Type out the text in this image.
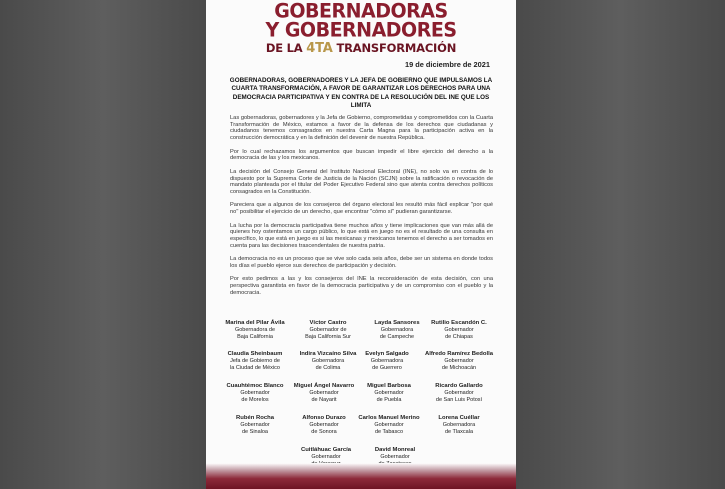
GOBERNADORAS
Y GOBERNADORES
DE LA 4TA TRANSFORMACIÓN
19 de diciembre de 2021
GOBERNADORAS, GOBERNADORES Y LA JEFA DE GOBIERNO QUE IMPULSAMOS LA CUARTA TRANSFORMACIÓN, A FAVOR DE GARANTIZAR LOS DERECHOS PARA UNA DEMOCRACIA PARTICIPATIVA Y EN CONTRA DE LA RESOLUCIÓN DEL INE QUE LOS LIMITA

Las gobernadoras, gobernadores y la Jefa de Gobierno, comprometidas y comprometidos con la Cuarta Transformación de México, estamos a favor de la defensa de los derechos que ciudadanas y ciudadanos tenemos consagrados en nuestra Carta Magna para la participación activa en la construcción democrática y en la definición del devenir de nuestra República.

Por lo cual rechazamos los argumentos que buscan impedir el libre ejercicio del derecho a la democracia de las y los mexicanos.

La decisión del Consejo General del Instituto Nacional Electoral (INE), no solo va en contra de lo dispuesto por la Suprema Corte de Justicia de la Nación (SCJN) sobre la ratificación o revocación de mandato planteada por el titular del Poder Ejecutivo Federal sino que atenta contra derechos políticos consagrados en la Constitución.

Pareciera que a algunos de los consejeros del órgano electoral les resultó más fácil explicar "por qué no" posibilitar el ejercicio de un derecho, que encontrar "cómo sí" pudieran garantizarse.

La lucha por la democracia participativa tiene muchos años y tiene implicaciones que van más allá de quienes hoy ostentamos un cargo público, lo que está en juego no es el resultado de una consulta en específico, lo que está en juego es si las mexicanas y mexicanos tenemos el derecho a ser tomados en cuenta para las decisiones trascendentales de nuestra patria.

La democracia no es un proceso que se vive solo cada seis años, debe ser un sistema en donde todos los días el pueblo ejerce sus derechos de participación y decisión.

Por esto pedimos a las y los consejeros del INE la reconsideración de esta decisión, con una perspectiva garantista en favor de la democracia participativa y de un compromiso con el pueblo y la democracia.

Marina del Pilar Ávila
Gobernadora de
Baja California
Víctor Castro
Gobernador de
Baja California Sur
Layda Sansores
Gobernadora
de Campeche
Rutilio Escandón C.
Gobernador
de Chiapas
Claudia Sheinbaum
Jefa de Gobierno de
la Ciudad de México
Indira Vizcaíno Silva
Gobernadora
de Colima
Evelyn Salgado
Gobernadora
de Guerrero
Alfredo Ramírez Bedolla
Gobernador
de Michoacán
Cuauhtémoc Blanco
Gobernador
de Morelos
Miguel Ángel Navarro
Gobernador
de Nayarit
Miguel Barbosa
Gobernador
de Puebla
Ricardo Gallardo
Gobernador
de San Luis Potosí
Rubén Rocha
Gobernador
de Sinaloa
Alfonso Durazo
Gobernador
de Sonora
Carlos Manuel Merino
Gobernador
de Tabasco
Lorena Cuéllar
Gobernadora
de Tlaxcala
Cuitláhuac García
Gobernador
David Monreal
Gobernador
